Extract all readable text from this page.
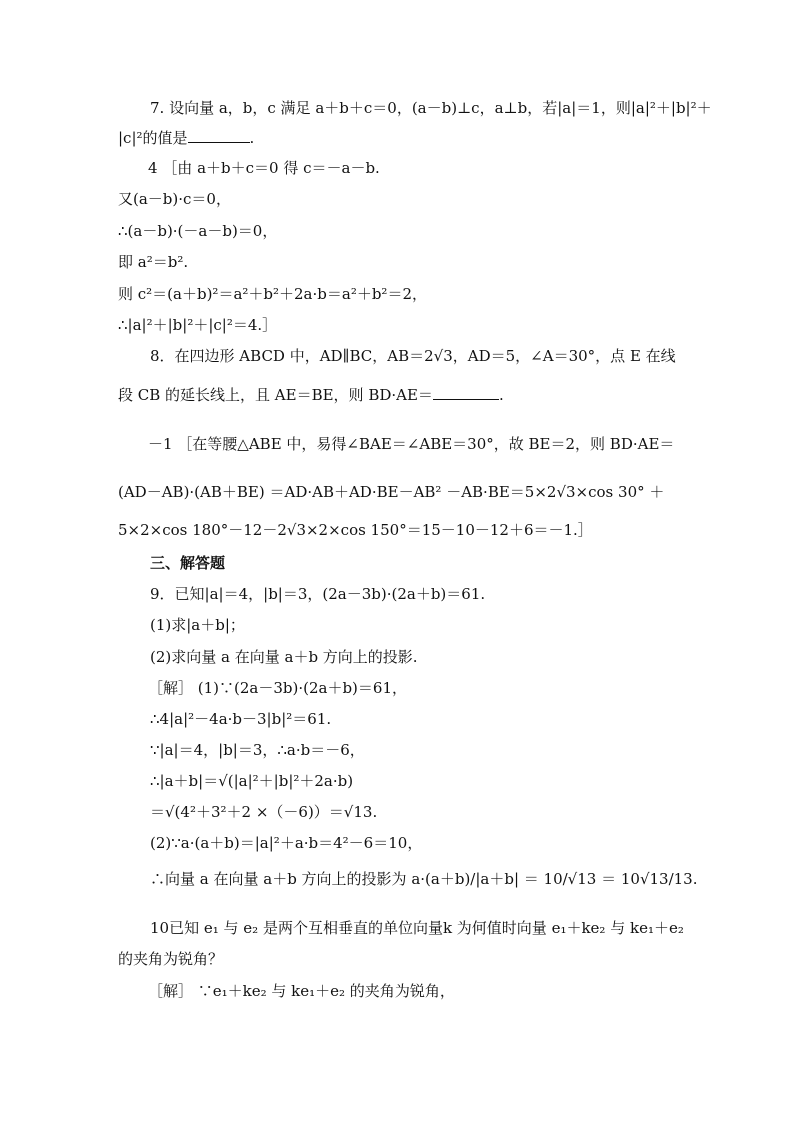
7. 设向量 a，b，c 满足 a＋b＋c＝0，(a－b)⊥c，a⊥b，若|a|＝1，则|a|²＋|b|²＋
|c|²的值是	.
4 ［由 a＋b＋c＝0 得 c＝－a－b.
又(a－b)·c＝0，
∴(a－b)·(－a－b)＝0，
即 a²＝b².
则 c²＝(a＋b)²＝a²＋b²＋2a·b＝a²＋b²＝2，
∴|a|²＋|b|²＋|c|²＝4.］
8．在四边形 ABCD 中，AD∥BC，AB＝2√3，AD＝5，∠A＝30°，点 E 在线
段 CB 的延长线上，且 AE＝BE，则 BD·AE＝	.
－1 ［在等腰△ABE 中，易得∠BAE＝∠ABE＝30°，故 BE＝2，则 BD·AE＝
(AD－AB)·(AB＋BE) ＝AD·AB＋AD·BE－AB² －AB·BE＝5×2√3×cos 30° ＋
5×2×cos 180°－12－2√3×2×cos 150°＝15－10－12＋6＝－1.］
三、解答题
9．已知|a|＝4，|b|＝3，(2a－3b)·(2a＋b)＝61.
(1)求|a＋b|；
(2)求向量 a 在向量 a＋b 方向上的投影.
［解］ (1)∵(2a－3b)·(2a＋b)＝61，
∴4|a|²－4a·b－3|b|²＝61.
∵|a|＝4，|b|＝3，∴a·b＝－6，
∴|a＋b|＝√(|a|²＋|b|²＋2a·b)
＝√(4²＋3²＋2 ×（－6)）＝√13.
(2)∵a·(a＋b)＝|a|²＋a·b＝4²－6＝10，
∴向量 a 在向量 a＋b 方向上的投影为 a·(a＋b)/|a＋b| ＝ 10/√13 ＝ 10√13/13.
10已知 e₁ 与 e₂ 是两个互相垂直的单位向量k 为何值时向量 e₁＋ke₂ 与 ke₁＋e₂
的夹角为锐角？
［解］ ∵e₁＋ke₂ 与 ke₁＋e₂ 的夹角为锐角，
